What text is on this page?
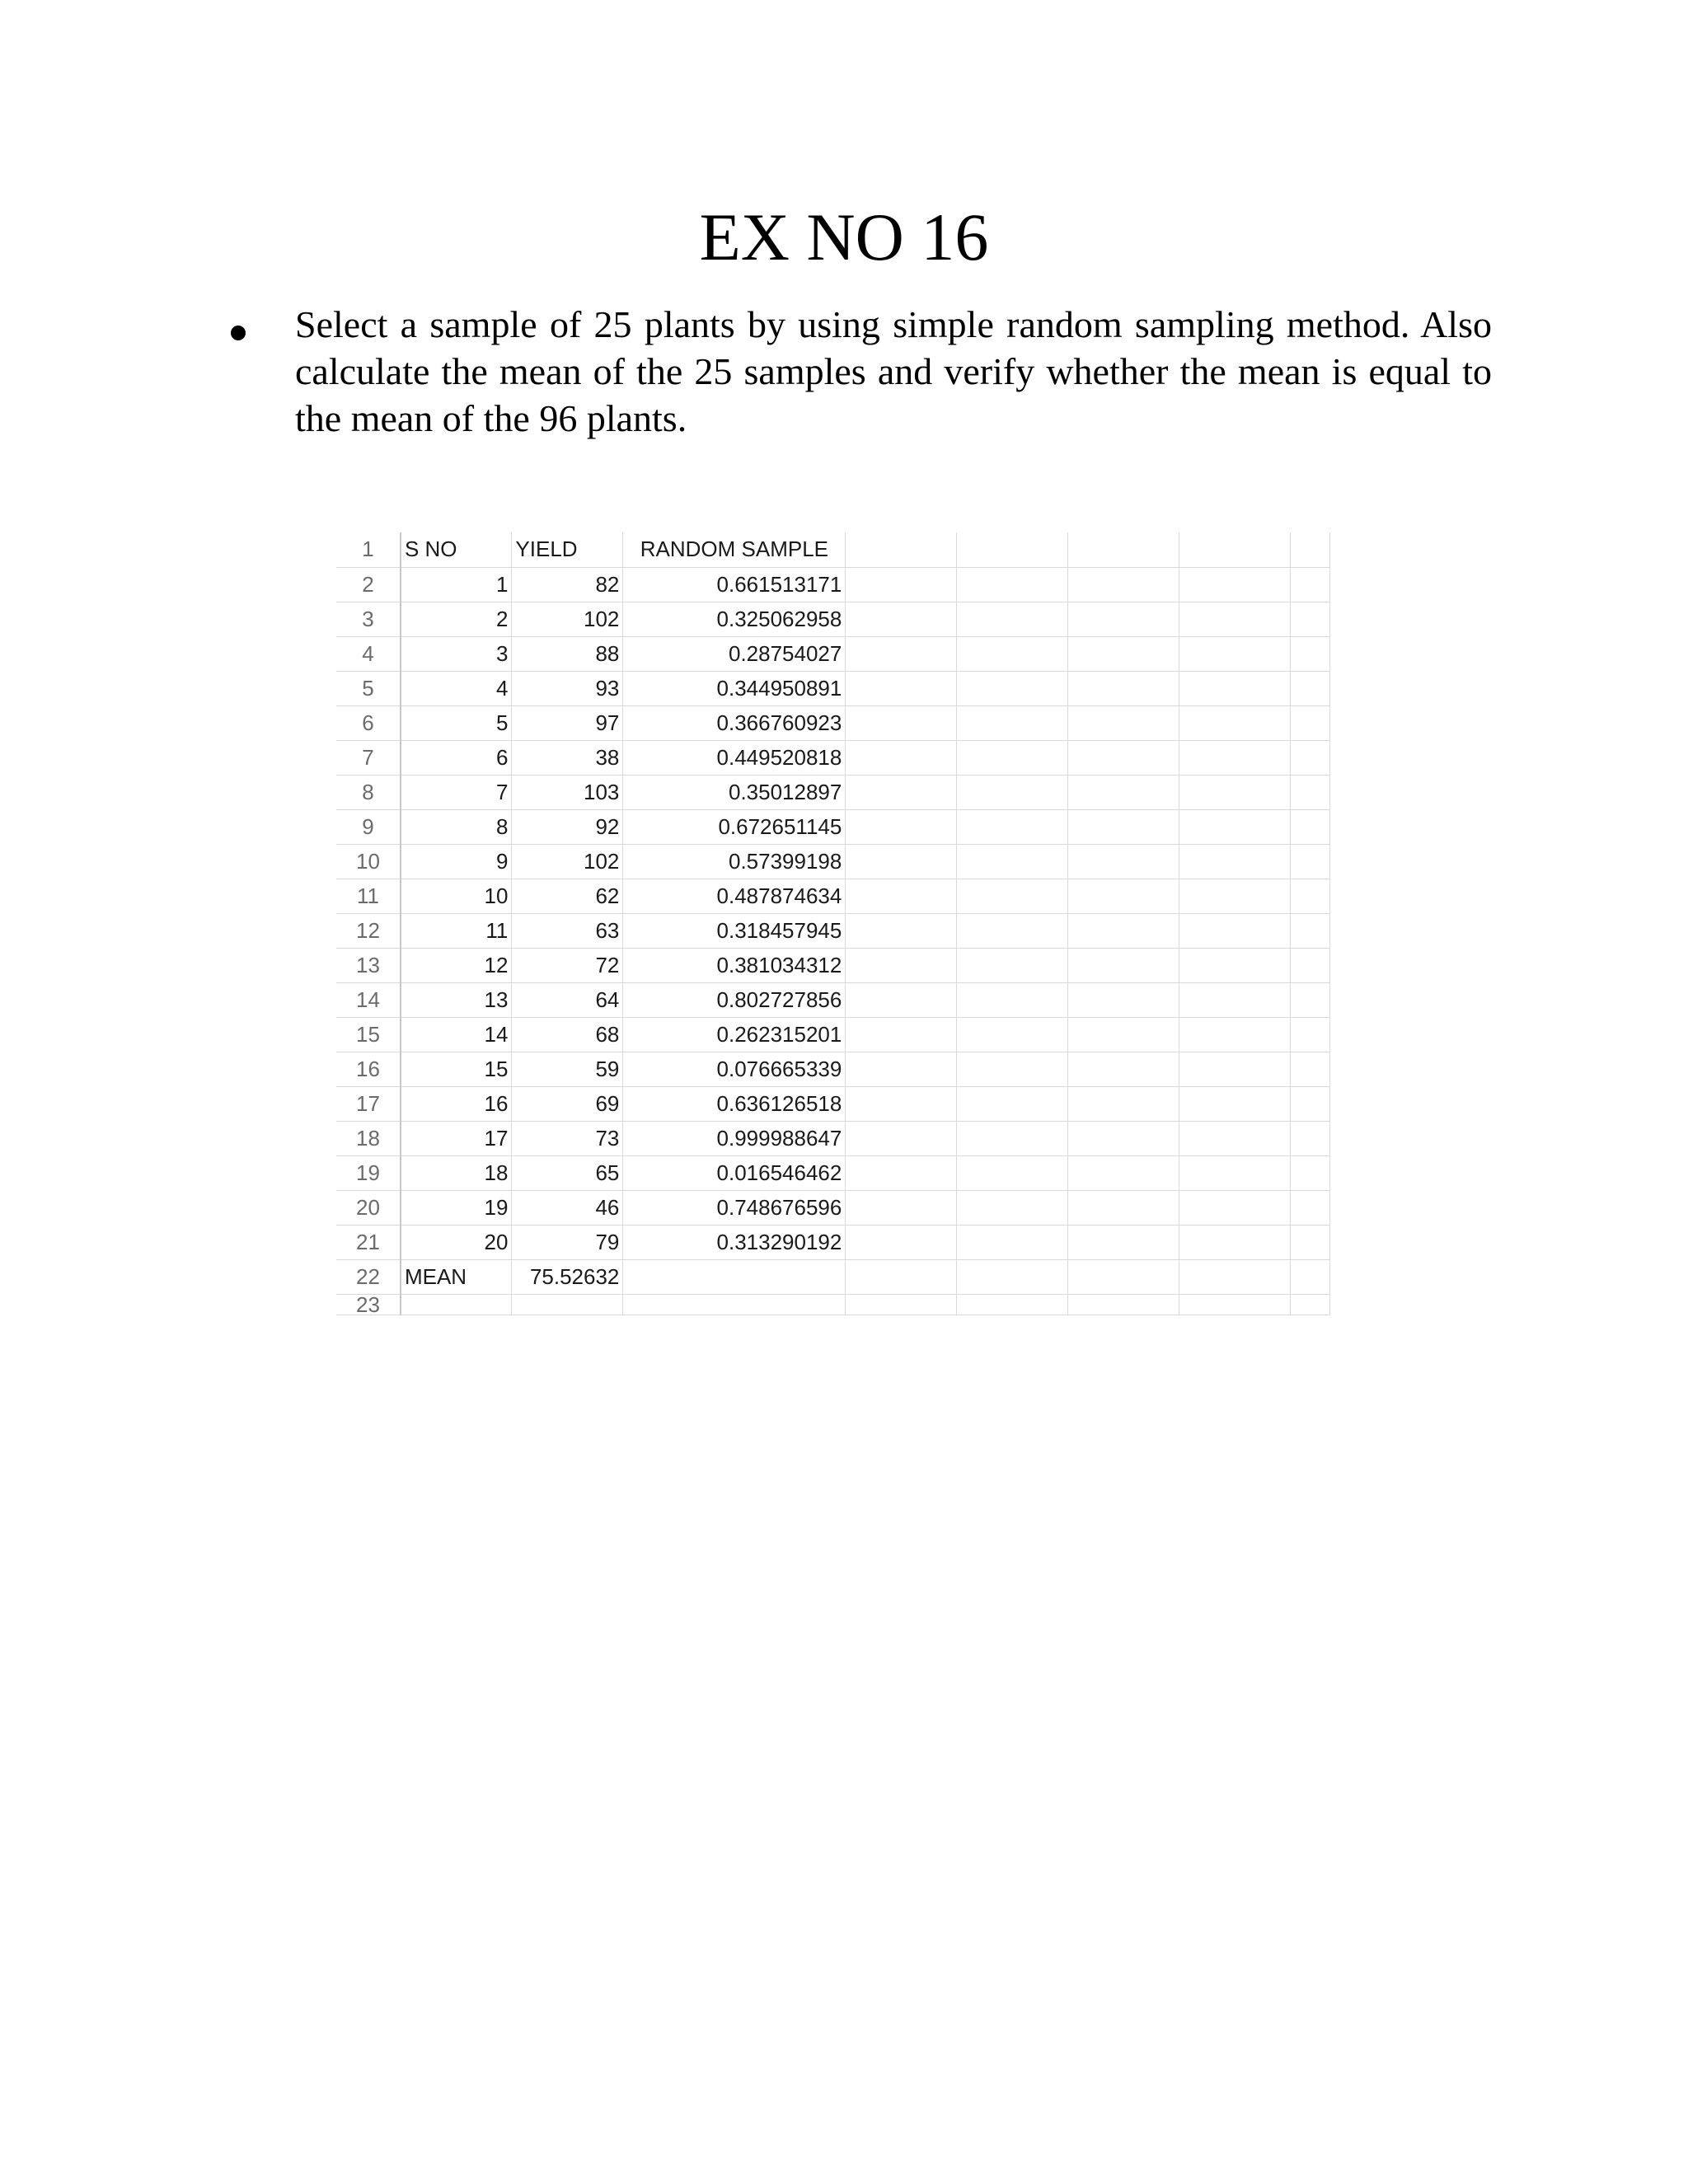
EX NO 16
Select a sample of 25 plants by using simple random sampling method. Also
calculate the mean of the 25 samples and verify whether the mean is equal to
the mean of the 96 plants.
1	S NO	YIELD	RANDOM SAMPLE					
2	1	82	0.661513171					
3	2	102	0.325062958					
4	3	88	0.28754027					
5	4	93	0.344950891					
6	5	97	0.366760923					
7	6	38	0.449520818					
8	7	103	0.35012897					
9	8	92	0.672651145					
10	9	102	0.57399198					
11	10	62	0.487874634					
12	11	63	0.318457945					
13	12	72	0.381034312					
14	13	64	0.802727856					
15	14	68	0.262315201					
16	15	59	0.076665339					
17	16	69	0.636126518					
18	17	73	0.999988647					
19	18	65	0.016546462					
20	19	46	0.748676596					
21	20	79	0.313290192					
22	MEAN	75.52632						
23								
